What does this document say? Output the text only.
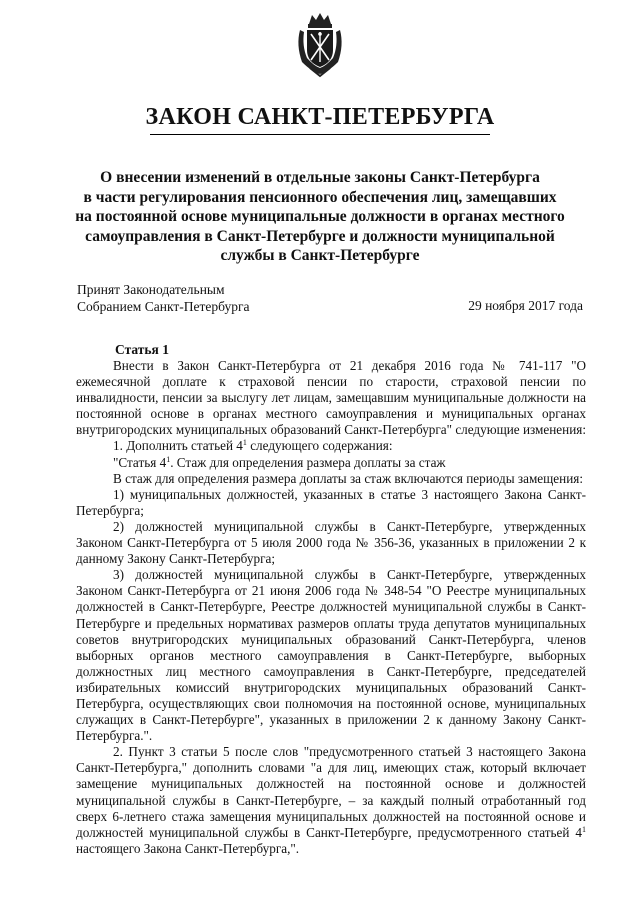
ЗАКОН САНКТ-ПЕТЕРБУРГА
О внесении изменений в отдельные законы Санкт-Петербурга
в части регулирования пенсионного обеспечения лиц, замещавших
на постоянной основе муниципальные должности в органах местного
самоуправления в Санкт-Петербурге и должности муниципальной
службы в Санкт-Петербурге
Принят Законодательным
Собранием Санкт-Петербурга	29 ноября 2017 года
Статья 1

Внести в Закон Санкт-Петербурга от 21 декабря 2016 года № 741-117 "О ежемесячной доплате к страховой пенсии по старости, страховой пенсии по инвалидности, пенсии за выслугу лет лицам, замещавшим муниципальные должности на постоянной основе в органах местного самоуправления и муниципальных органах внутригородских муниципальных образований Санкт-Петербурга" следующие изменения:

1. Дополнить статьей $4^1$ следующего содержания:

"Статья $4^1$. Стаж для определения размера доплаты за стаж

В стаж для определения размера доплаты за стаж включаются периоды замещения:

1) муниципальных должностей, указанных в статье 3 настоящего Закона Санкт-Петербурга;

2) должностей муниципальной службы в Санкт-Петербурге, утвержденных Законом Санкт-Петербурга от 5 июля 2000 года № 356-36, указанных в приложении 2 к данному Закону Санкт-Петербурга;

3) должностей муниципальной службы в Санкт-Петербурге, утвержденных Законом Санкт-Петербурга от 21 июня 2006 года № 348-54 "О Реестре муниципальных должностей в Санкт-Петербурге, Реестре должностей муниципальной службы в Санкт-Петербурге и предельных нормативах размеров оплаты труда депутатов муниципальных советов внутригородских муниципальных образований Санкт-Петербурга, членов выборных органов местного самоуправления в Санкт-Петербурге, выборных должностных лиц местного самоуправления в Санкт-Петербурге, председателей избирательных комиссий внутригородских муниципальных образований Санкт-Петербурга, осуществляющих свои полномочия на постоянной основе, муниципальных служащих в Санкт-Петербурге", указанных в приложении 2 к данному Закону Санкт-Петербурга.".

2. Пункт 3 статьи 5 после слов "предусмотренного статьей 3 настоящего Закона Санкт-Петербурга," дополнить словами "а для лиц, имеющих стаж, который включает замещение муниципальных должностей на постоянной основе и должностей муниципальной службы в Санкт-Петербурге, – за каждый полный отработанный год сверх 6-летнего стажа замещения муниципальных должностей на постоянной основе и должностей муниципальной службы в Санкт-Петербурге, предусмотренного статьей $4^1$ настоящего Закона Санкт-Петербурга,".
